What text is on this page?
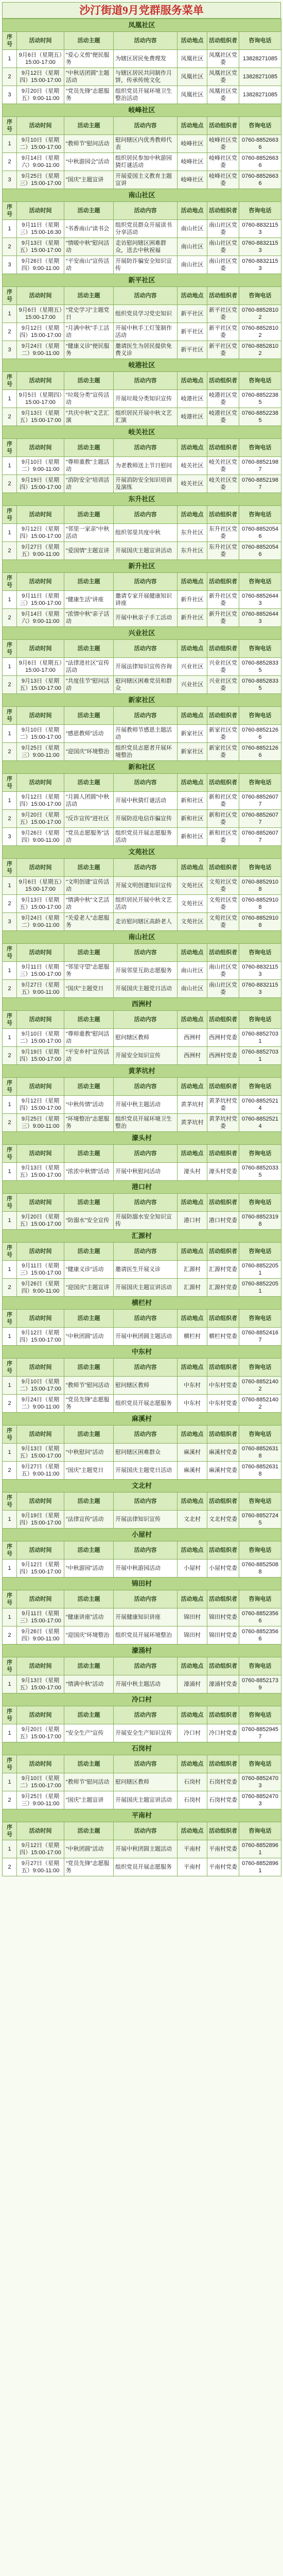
沙汀街道9月党群服务菜单
凤凰社区						
序号	活动时间	活动主题	活动内容	活动地点	活动组织者	咨询电话
1	9月6日（星期五）15:00-17:00	“爱心义剪”便民服务	为辖区居民免费理发	凤凰社区	凤凰社区党委	13828271085
2	9月12日（星期四）15:00-17:00	“中秋话团圆”主题活动	与辖区居民共同制作月饼，传承传统文化	凤凰社区	凤凰社区党委	13828271085
3	9月20日（星期五）9:00-11:00	“党员先锋”志愿服务	组织党员开展环境卫生整治活动	凤凰社区	凤凰社区党委	13828271085
岐峰社区						
序号	活动时间	活动主题	活动内容	活动地点	活动组织者	咨询电话
1	9月10日（星期二）15:00-17:00	“教师节”慰问活动	慰问辖区内优秀教师代表	岐峰社区	岐峰社区党委	0760-88526636
2	9月14日（星期六）9:00-11:00	“中秋游园会”活动	组织居民参加中秋游园猜灯谜活动	岐峰社区	岐峰社区党委	0760-88526636
3	9月25日（星期三）15:00-17:00	“国庆”主题宣讲	开展爱国主义教育主题宣讲	岐峰社区	岐峰社区党委	0760-88526636
南山社区						
序号	活动时间	活动主题	活动内容	活动地点	活动组织者	咨询电话
1	9月11日（星期三）15:00-16:30	“书香南山”读书会	组织党员群众开展读书分享活动	南山社区	南山社区党委	0760-88321153
2	9月13日（星期五）15:00-17:00	“情暖中秋”慰问活动	走访慰问辖区困难群众，送去中秋祝福	南山社区	南山社区党委	0760-88321153
3	9月26日（星期四）9:00-11:00	“平安南山”宣传活动	开展防诈骗安全知识宣传	南山社区	南山社区党委	0760-88321153
新平社区						
序号	活动时间	活动主题	活动内容	活动地点	活动组织者	咨询电话
1	9月6日（星期五）15:00-17:00	“党史学习”主题党日	组织党员学习党史知识	新平社区	新平社区党委	0760-88528102
2	9月12日（星期四）15:00-17:00	“月满中秋”手工活动	开展中秋手工灯笼制作活动	新平社区	新平社区党委	0760-88528102
3	9月24日（星期二）9:00-11:00	“健康义诊”便民服务	邀请医生为居民提供免费义诊	新平社区	新平社区党委	0760-88528102
岐港社区						
序号	活动时间	活动主题	活动内容	活动地点	活动组织者	咨询电话
1	9月5日（星期四）15:00-17:00	“垃圾分类”宣传活动	开展垃圾分类知识宣传	岐港社区	岐港社区党委	0760-88522385
2	9月13日（星期五）15:00-17:00	“共庆中秋”文艺汇演	组织居民开展中秋文艺汇演	岐港社区	岐港社区党委	0760-88522385
岐关社区						
序号	活动时间	活动主题	活动内容	活动地点	活动组织者	咨询电话
1	9月10日（星期二）9:00-11:00	“尊师重教”主题活动	为老教师送上节日慰问	岐关社区	岐关社区党委	0760-88521987
2	9月19日（星期四）15:00-17:00	“消防安全”培训活动	开展消防安全知识培训及演练	岐关社区	岐关社区党委	0760-88521987
东升社区						
序号	活动时间	活动主题	活动内容	活动地点	活动组织者	咨询电话
1	9月12日（星期四）15:00-17:00	“邻里一家亲”中秋活动	组织邻里共度中秋	东升社区	东升社区党委	0760-88520546
2	9月27日（星期五）9:00-11:00	“爱国情”主题宣讲	开展国庆主题宣讲活动	东升社区	东升社区党委	0760-88520546
新升社区						
序号	活动时间	活动主题	活动内容	活动地点	活动组织者	咨询电话
1	9月11日（星期三）15:00-17:00	“健康生活”讲座	邀请专家开展健康知识讲座	新升社区	新升社区党委	0760-88526443
2	9月14日（星期六）9:00-11:00	“浓情中秋”亲子活动	开展中秋亲子手工活动	新升社区	新升社区党委	0760-88526443
兴业社区						
序号	活动时间	活动主题	活动内容	活动地点	活动组织者	咨询电话
1	9月6日（星期五）15:00-17:00	“法律进社区”宣传活动	开展法律知识宣传咨询	兴业社区	兴业社区党委	0760-88528335
2	9月13日（星期五）15:00-17:00	“共度佳节”慰问活动	慰问辖区困难党员和群众	兴业社区	兴业社区党委	0760-88528335
新家社区						
序号	活动时间	活动主题	活动内容	活动地点	活动组织者	咨询电话
1	9月10日（星期二）15:00-17:00	“感恩教师”活动	开展教师节感恩主题活动	新家社区	新家社区党委	0760-88521266
2	9月25日（星期三）9:00-11:00	“迎国庆”环境整治	组织党员志愿者开展环境整治	新家社区	新家社区党委	0760-88521266
新和社区						
序号	活动时间	活动主题	活动内容	活动地点	活动组织者	咨询电话
1	9月12日（星期四）15:00-17:00	“月圆人团圆”中秋活动	开展中秋猜灯谜活动	新和社区	新和社区党委	0760-88526077
2	9月20日（星期五）15:00-17:00	“反诈宣传”进社区	开展防范电信诈骗宣传	新和社区	新和社区党委	0760-88526077
3	9月26日（星期四）9:00-11:00	“党员志愿服务”活动	组织党员开展志愿服务活动	新和社区	新和社区党委	0760-88526077
文苑社区						
序号	活动时间	活动主题	活动内容	活动地点	活动组织者	咨询电话
1	9月6日（星期五）15:00-17:00	“文明创建”宣传活动	开展文明创建知识宣传	文苑社区	文苑社区党委	0760-88529108
2	9月13日（星期五）15:00-17:00	“情满中秋”文艺活动	组织居民开展中秋文艺活动	文苑社区	文苑社区党委	0760-88529108
3	9月24日（星期二）9:00-11:00	“关爱老人”志愿服务	走访慰问辖区高龄老人	文苑社区	文苑社区党委	0760-88529108
南山社区						
序号	活动时间	活动主题	活动内容	活动地点	活动组织者	咨询电话
1	9月11日（星期三）15:00-17:00	“邻里守望”志愿服务	开展邻里互助志愿服务	南山社区	南山社区党委	0760-88321153
2	9月27日（星期五）9:00-11:00	“国庆”主题党日	开展国庆主题党日活动	南山社区	南山社区党委	0760-88321153
西洲村						
序号	活动时间	活动主题	活动内容	活动地点	活动组织者	咨询电话
1	9月10日（星期二）15:00-17:00	“尊师重教”慰问活动	慰问辖区教师	西洲村	西洲村党委	0760-88527031
2	9月19日（星期四）15:00-17:00	“平安乡村”宣传活动	开展安全知识宣传	西洲村	西洲村党委	0760-88527031
黄茅坑村						
序号	活动时间	活动主题	活动内容	活动地点	活动组织者	咨询电话
1	9月12日（星期四）15:00-17:00	“中秋传情”活动	开展中秋主题活动	黄茅坑村	黄茅坑村党委	0760-88525214
2	9月25日（星期三）9:00-11:00	“环境整治”志愿服务	组织党员开展环境卫生整治	黄茅坑村	黄茅坑村党委	0760-88525214
濠头村						
序号	活动时间	活动主题	活动内容	活动地点	活动组织者	咨询电话
1	9月13日（星期五）15:00-17:00	“浓浓中秋情”活动	开展中秋慰问活动	濠头村	濠头村党委	0760-88520335
港口村						
序号	活动时间	活动主题	活动内容	活动地点	活动组织者	咨询电话
1	9月20日（星期五）15:00-17:00	“防溺水”安全宣传	开展防溺水安全知识宣传	港口村	港口村党委	0760-88523198
汇源村						
序号	活动时间	活动主题	活动内容	活动地点	活动组织者	咨询电话
1	9月11日（星期三）15:00-17:00	“健康义诊”活动	邀请医生开展义诊	汇源村	汇源村党委	0760-88522051
2	9月26日（星期四）9:00-11:00	“迎国庆”主题宣讲	开展国庆主题宣讲活动	汇源村	汇源村党委	0760-88522051
横栏村						
序号	活动时间	活动主题	活动内容	活动地点	活动组织者	咨询电话
1	9月12日（星期四）15:00-17:00	“中秋团圆”活动	开展中秋团圆主题活动	横栏村	横栏村党委	0760-88524167
中东村						
序号	活动时间	活动主题	活动内容	活动地点	活动组织者	咨询电话
1	9月10日（星期二）15:00-17:00	“教师节”慰问活动	慰问辖区教师	中东村	中东村党委	0760-88521402
2	9月24日（星期二）9:00-11:00	“党员先锋”志愿服务	组织党员开展志愿服务	中东村	中东村党委	0760-88521402
麻溪村						
序号	活动时间	活动主题	活动内容	活动地点	活动组织者	咨询电话
1	9月13日（星期五）15:00-17:00	“中秋慰问”活动	慰问辖区困难群众	麻溪村	麻溪村党委	0760-88526318
2	9月27日（星期五）9:00-11:00	“国庆”主题党日	开展国庆主题党日活动	麻溪村	麻溪村党委	0760-88526318
文北村						
序号	活动时间	活动主题	活动内容	活动地点	活动组织者	咨询电话
1	9月19日（星期四）15:00-17:00	“法律宣传”活动	开展法律知识宣传	文北村	文北村党委	0760-88527245
小屋村						
序号	活动时间	活动主题	活动内容	活动地点	活动组织者	咨询电话
1	9月12日（星期四）15:00-17:00	“中秋游园”活动	开展中秋游园活动	小屋村	小屋村党委	0760-88525088
锦田村						
序号	活动时间	活动主题	活动内容	活动地点	活动组织者	咨询电话
1	9月11日（星期三）15:00-17:00	“健康讲座”活动	开展健康知识讲座	锦田村	锦田村党委	0760-88523566
2	9月26日（星期四）9:00-11:00	“迎国庆”环境整治	组织党员开展环境整治	锦田村	锦田村党委	0760-88523566
濠涌村						
序号	活动时间	活动主题	活动内容	活动地点	活动组织者	咨询电话
1	9月13日（星期五）15:00-17:00	“情满中秋”活动	开展中秋主题活动	濠涌村	濠涌村党委	0760-88521739
冷口村						
序号	活动时间	活动主题	活动内容	活动地点	活动组织者	咨询电话
1	9月20日（星期五）15:00-17:00	“安全生产”宣传	开展安全生产知识宣传	冷口村	冷口村党委	0760-88529457
石岗村						
序号	活动时间	活动主题	活动内容	活动地点	活动组织者	咨询电话
1	9月10日（星期二）15:00-17:00	“教师节”慰问活动	慰问辖区教师	石岗村	石岗村党委	0760-88524703
2	9月25日（星期三）9:00-11:00	“国庆”主题宣讲	开展国庆主题宣讲活动	石岗村	石岗村党委	0760-88524703
平南村						
序号	活动时间	活动主题	活动内容	活动地点	活动组织者	咨询电话
1	9月12日（星期四）15:00-17:00	“中秋团圆”活动	开展中秋团圆主题活动	平南村	平南村党委	0760-88528961
2	9月27日（星期五）9:00-11:00	“党员先锋”志愿服务	组织党员开展志愿服务	平南村	平南村党委	0760-88528961
